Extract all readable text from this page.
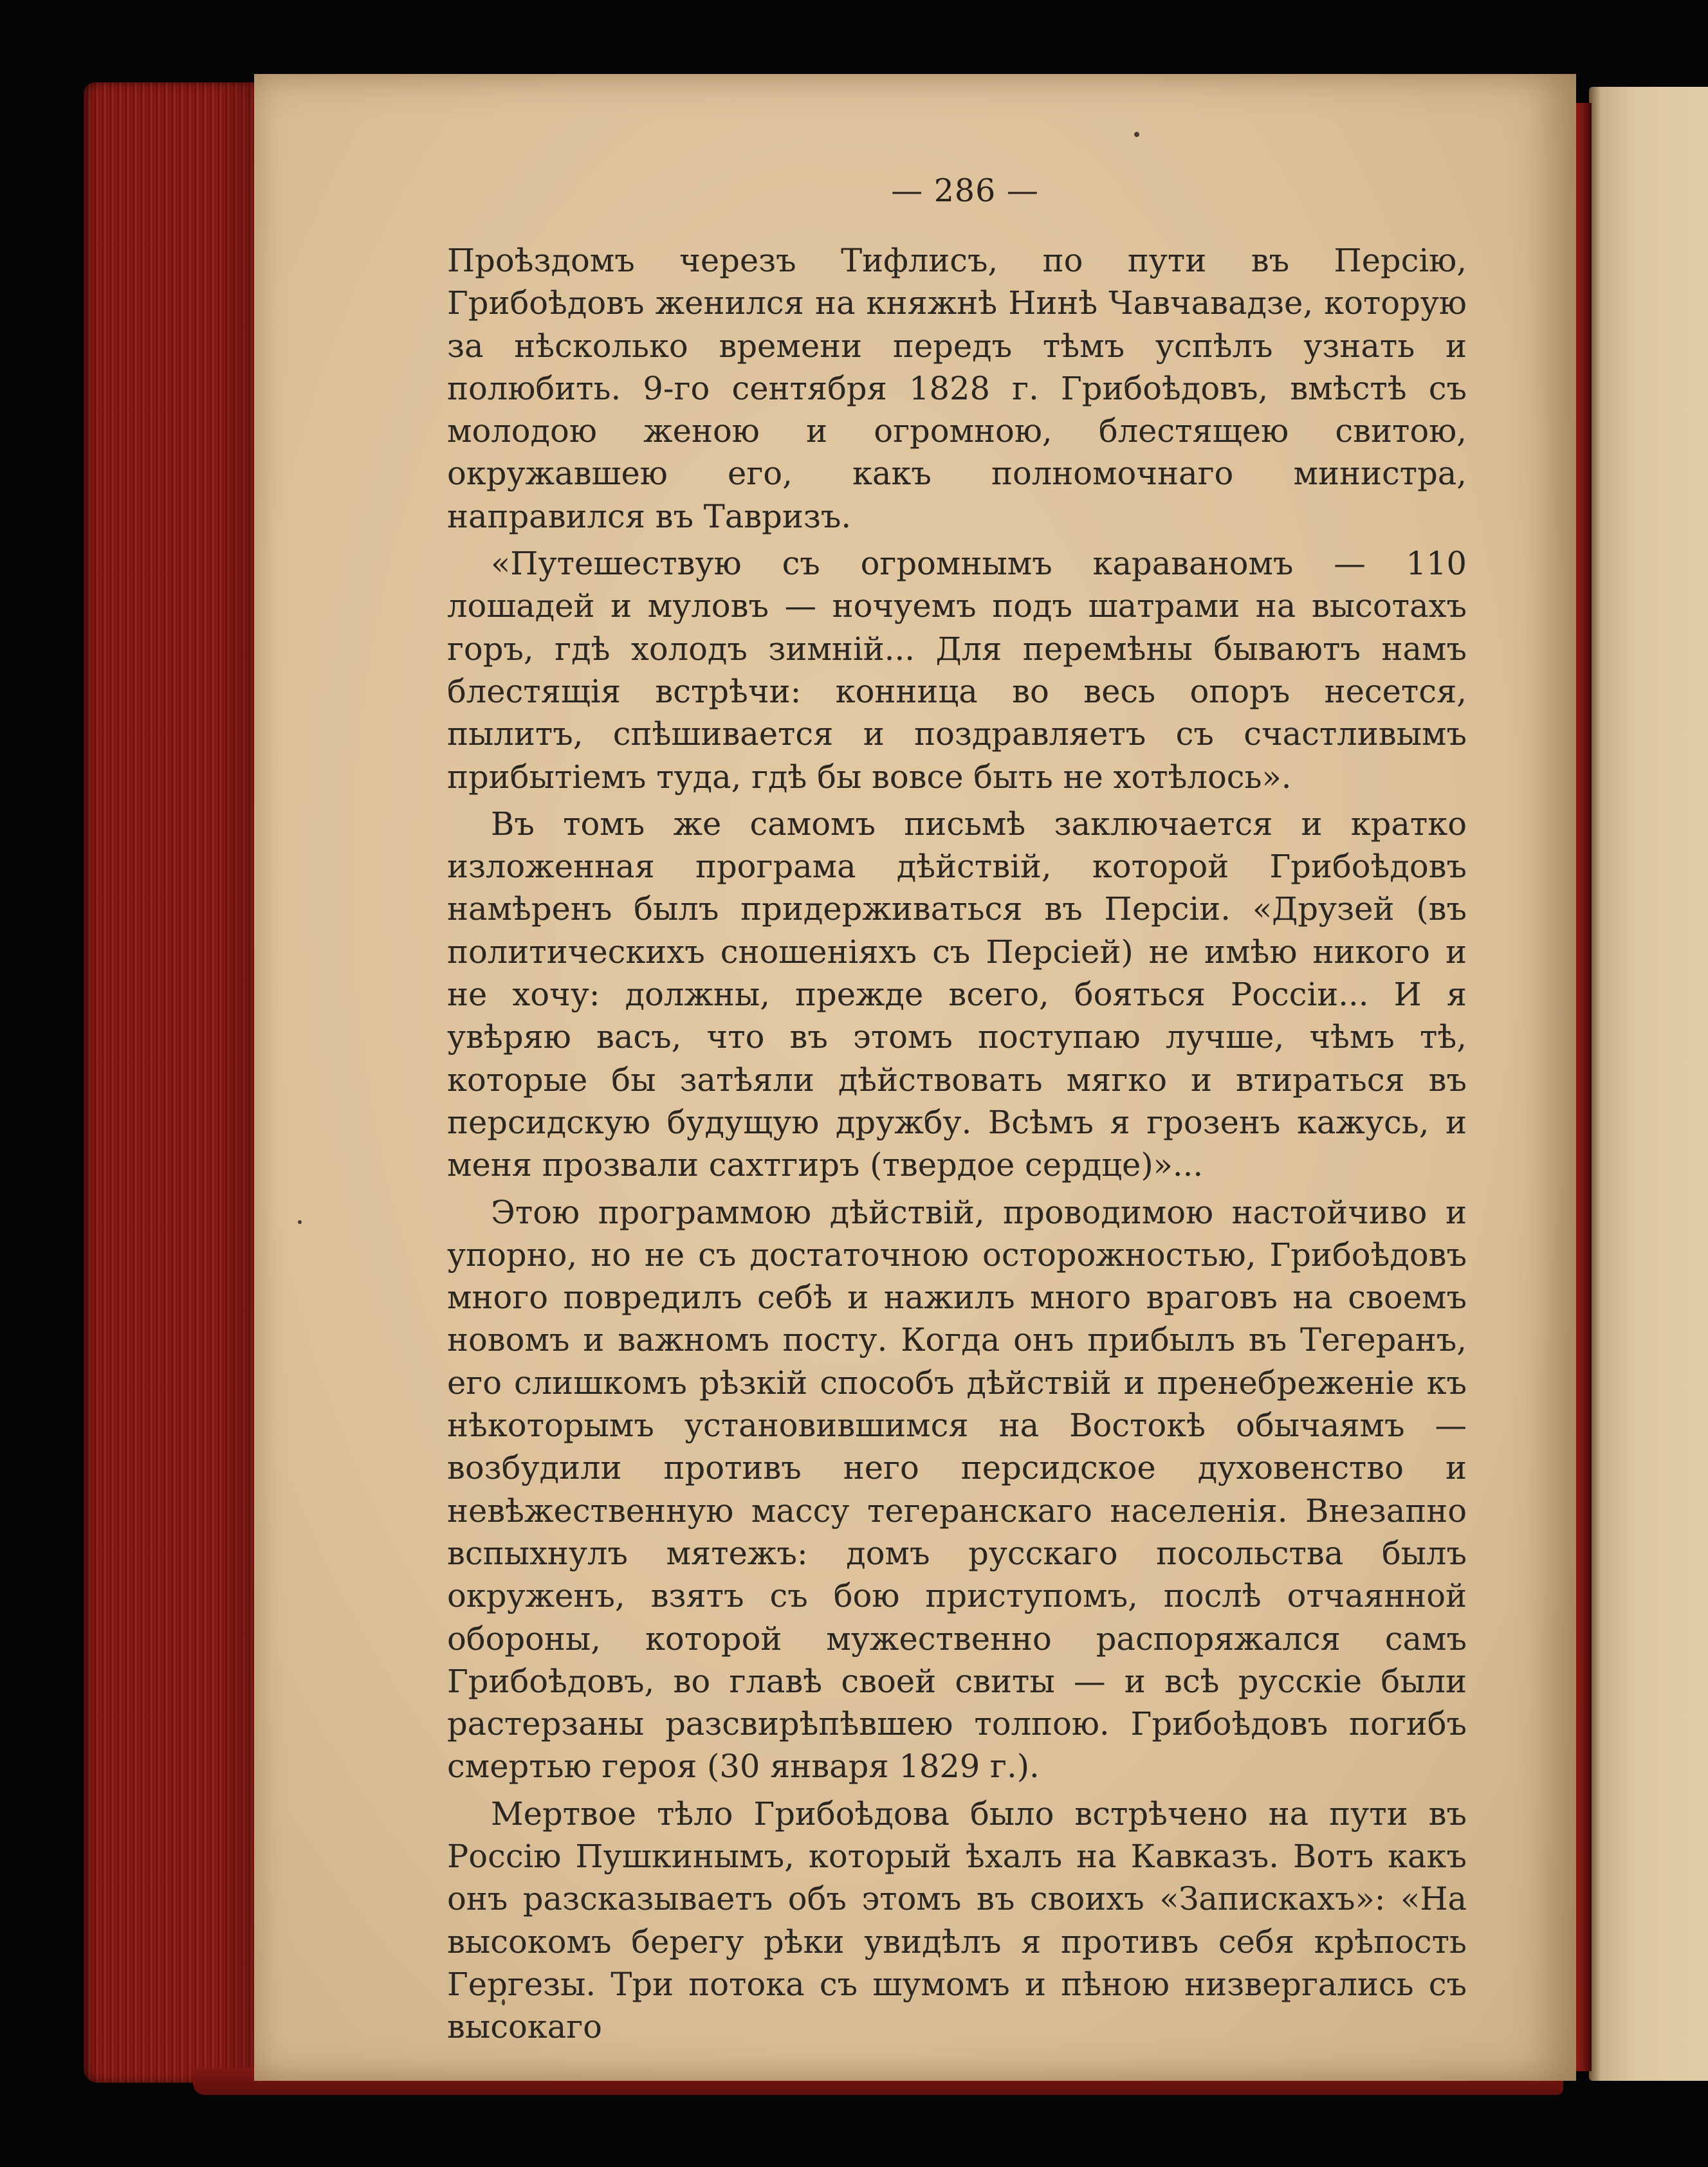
— 286 —

Проѣздомъ черезъ Тифлисъ, по пути въ Персію, Грибоѣдовъ женился на княжнѣ Нинѣ Чавчавадзе, которую за нѣсколько времени передъ тѣмъ успѣлъ узнать и полюбить. 9-го сентября 1828 г. Грибоѣдовъ, вмѣстѣ съ молодою женою и огромною, блестящею свитою, окружавшею его, какъ полномочнаго министра, направился въ Тавризъ.

«Путешествую съ огромнымъ караваномъ — 110 лошадей и муловъ — ночуемъ подъ шатрами на высотахъ горъ, гдѣ холодъ зимній... Для перемѣны бываютъ намъ блестящія встрѣчи: конница во весь опоръ несется, пылитъ, спѣшивается и поздравляетъ съ счастливымъ прибытіемъ туда, гдѣ бы вовсе быть не хотѣлось».

Въ томъ же самомъ письмѣ заключается и кратко изложенная програма дѣйствій, которой Грибоѣдовъ намѣренъ былъ придерживаться въ Персіи. «Друзей (въ политическихъ сношеніяхъ съ Персіей) не имѣю никого и не хочу: должны, прежде всего, бояться Россіи... И я увѣряю васъ, что въ этомъ поступаю лучше, чѣмъ тѣ, которые бы затѣяли дѣйствовать мягко и втираться въ персидскую будущую дружбу. Всѣмъ я грозенъ кажусь, и меня прозвали сахтгиръ (твердое сердце)»...

Этою программою дѣйствій, проводимою настойчиво и упорно, но не съ достаточною осторожностью, Грибоѣдовъ много повредилъ себѣ и нажилъ много враговъ на своемъ новомъ и важномъ посту. Когда онъ прибылъ въ Тегеранъ, его слишкомъ рѣзкій способъ дѣйствій и пренебреженіе къ нѣкоторымъ установившимся на Востокѣ обычаямъ — возбудили противъ него персидское духовенство и невѣжественную массу тегеранскаго населенія. Внезапно вспыхнулъ мятежъ: домъ русскаго посольства былъ окруженъ, взятъ съ бою приступомъ, послѣ отчаянной обороны, которой мужественно распоряжался самъ Грибоѣдовъ, во главѣ своей свиты — и всѣ русскіе были растерзаны разсвирѣпѣвшею толпою. Грибоѣдовъ погибъ смертью героя (30 января 1829 г.).

Мертвое тѣло Грибоѣдова было встрѣчено на пути въ Россію Пушкинымъ, который ѣхалъ на Кавказъ. Вотъ какъ онъ разсказываетъ объ этомъ въ своихъ «Запискахъ»: «На высокомъ берегу рѣки увидѣлъ я противъ себя крѣпость Гергезы. Три потока съ шумомъ и пѣною низвергались съ высокаго
